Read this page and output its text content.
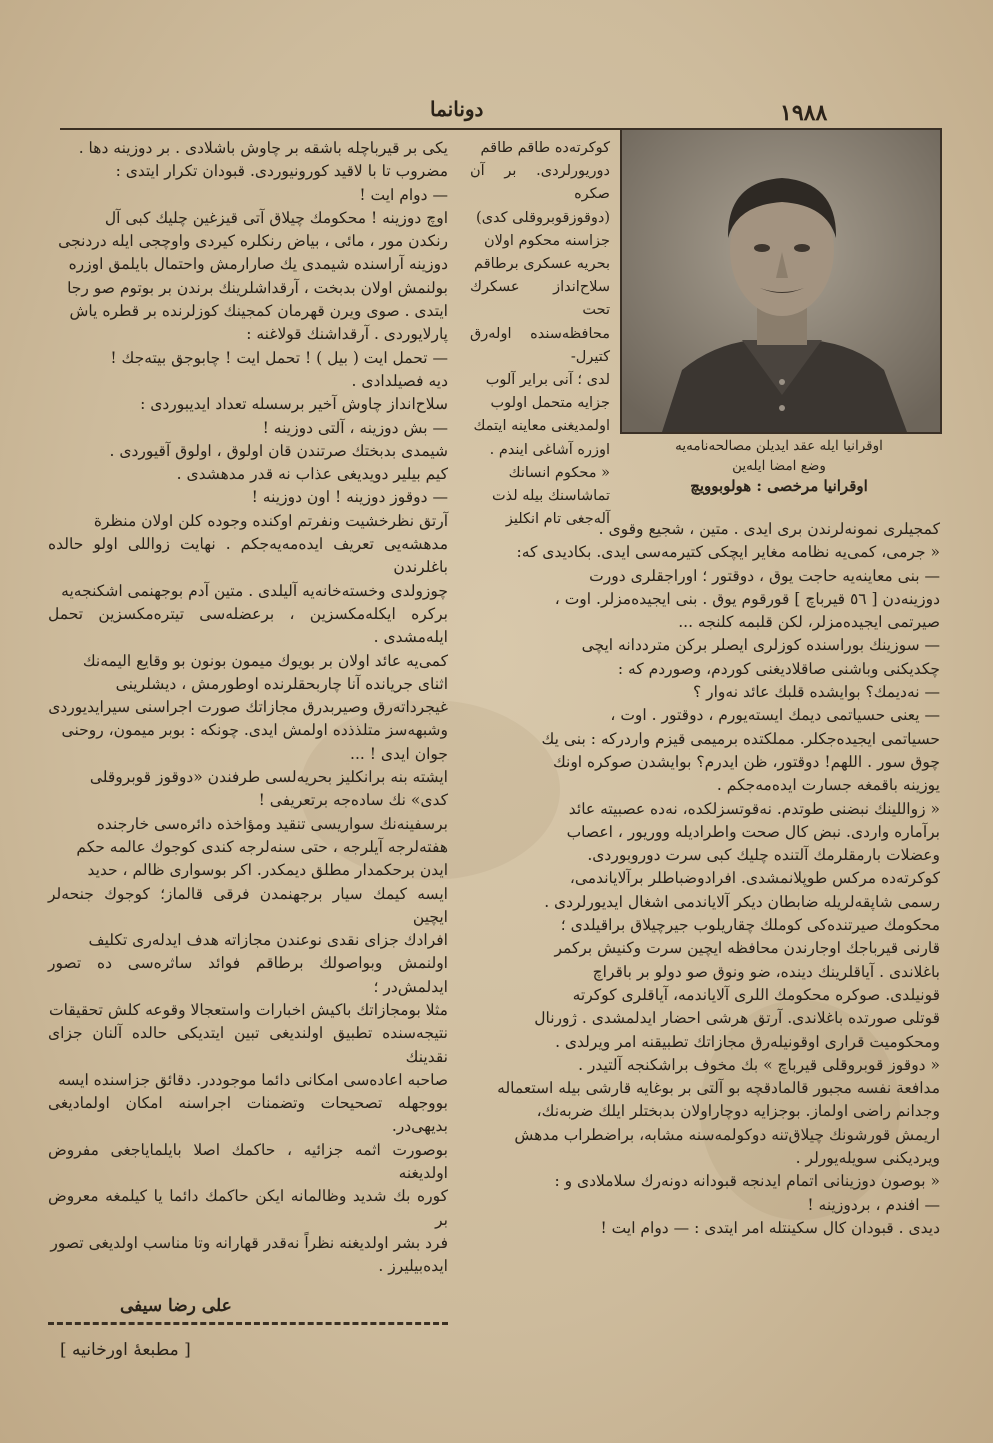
١٩٨٨
دونانما
اوقرانيا ايله عقد ايديلن مصالحه‌نامه‌يه
وضع امضا ايله‌ين
اوقرانيا مرخصى : هولوبوويچ

كوكرته‌ده طاقم طاقم

دوريورلردى. بر آن صكره

(دوقوزقوبروقلى كدى)

جزاسنه محكوم اولان

بحريه عسكرى برطاقم

سلاح‌انداز عسكرك تحت

محافظه‌سنده اولەرق كتيرل-

لدى ؛ آنى براير آلوب

جزايه متحمل اولوب

اولمديغنى معاينه ايتمك

اوزره آشاغى ايندم .

« محكوم انسانك

تماشاسنك بيله لذت

آلەجغى تام انكليز

كمجيلرى نمونه‌لرندن برى ايدى . متين ، شجيع وقوى .

« جرمى، كمى‌يه نظامه مغاير ايچكى كتيرمه‌سى ايدى. بكاديدى كه:

— بنى معاينه‌يه حاجت يوق ، دوقتور ؛ اوراجقلرى دورت

دوزينه‌دن [ ٥٦ قيرباچ ] قورقوم يوق . بنى ايجيده‌مزلر. اوت ،

صيرتمى ايجيده‌مزلر، لكن قلبمه كلنجه ...

— سوزينك بوراسنده كوزلرى ايصلر بركن مترددانه ايچى

چكديكنى وباشنى صاقلاديغنى كوردم، وصوردم كه :

— نه‌ديمك؟ بوايشده قلبك عائد نه‌وار ؟

— يعنى حسياتمى ديمك ايسته‌يورم ، دوقتور . اوت ،

حسياتمى ايجيده‌جكلر. مملكتده برميمى قيزم واردركه : بنى يك

چوق سور . اللهم! دوقتور، ظن ايدرم؟ بوايشدن صوكره اونك

يوزينه باقمغه جسارت ايده‌مه‌جكم .

« زواللينك نبضنى طوتدم. نه‌قوتسزلكده، نه‌ده عصبيته عائد

برآماره واردى. نبض كال صحت واطراديله ووريور ، اعصاب

وعضلات بارمقلرمك آلتنده چليك كبى سرت دوروبوردى.

كوكرته‌ده مركس طوپلانمشدى. افرادوضباطلر برآلاياندمى،

رسمى شاپقه‌لريله ضابطان ديكر آلاياندمى اشغال ايديورلردى .

محكومك صيرتنده‌كى كوملك چقاريلوب جيرچيلاق براقيلدى ؛

قارنى قيرباجك اوجارندن محافظه ايچين سرت وكنيش بركمر

باغلاندى . آياقلرينك دينده، ضو ونوق صو دولو بر باقراچ

قونيلدى. صوكره محكومك اللرى آلاياندمه، آياقلرى كوكرته

قوتلى صورتده باغلاندى. آرتق هرشى احضار ايدلمشدى . ژورنال

ومحكوميت قرارى اوقونيله‌رق مجازاتك تطبيقنه امر ويرلدى .

« دوقوز قوبروقلى قيرباچ » بك مخوف براشكنجه آلتيدر .

مدافعة نفسه مجبور قالمادقچه بو آلتى بر بوغايه قارشى بيله استعماله

وجدانم راضى اولماز. بوجزايه دوچاراولان بدبختلر ايلك ضربه‌نك،

اريمش قورشونك چيلاق‌تنه دوكولمه‌سنه مشابه، براضطراب مدهش

ويرديكنى سويله‌يورلر .

« بوصون دوزينانى اتمام ايدنجه قبودانه دونه‌رك سلاملادى و :

— افندم ، بردوزينه !

ديدى . قبودان كال سكينتله امر ايتدى : — دوام ايت !

يكى بر قيرباچله باشقه بر چاوش باشلادى . بر دوزينه دها .

مضروب تا با لاقيد كورونيوردى. قبودان تكرار ايتدى :

— دوام ايت !

اوچ دوزينه ! محكومك چيلاق آتى قيزغين چليك كبى آل

رنكدن مور ، مائى ، بياض رنكلره كيردى واوچجى ايله دردنجى

دوزينه آراسنده شيمدى يك صارارمش واحتمال بايلمق اوزره

بولنمش اولان بدبخت ، آرقداشلرينك برندن بر بوتوم صو رجا

ايتدى . صوى ويرن قهرمان كمجينك كوزلرنده بر قطره ياش

پارلايوردى . آرقداشنك قولاغنه :

— تحمل ايت ( بيل ) ! تحمل ايت ! چابوجق بيته‌جك !

ديه فصيلدادى .

سلاح‌انداز چاوش آخير برسسله تعداد ايديبوردى :

— بش دوزينه ، آلتى دوزينه !

شيمدى بدبختك صرتندن قان اولوق ، اولوق آقيوردى .

كيم بيلير دويديغى عذاب نه قدر مدهشدى .

— دوقوز دوزينه ! اون دوزينه !

آرتق نظرخشيت ونفرتم اوكنده وجوده كلن اولان منظرة

مدهشه‌يى تعريف ايده‌مه‌يه‌جكم . نهايت زواللى اولو حالده باغلرندن

چوزولدى وخسته‌خانه‌يه آليلدى . متين آدم بوجهنمى اشكنجه‌يه

بركره ايكله‌مكسزين ، برعضله‌سى تيتره‌مكسزين تحمل ايله‌مشدى .

كمى‌يه عائد اولان بر بويوك ميمون بونون بو وقايع اليمه‌نك

اثناى جريانده آنا چاربحقلرنده اوطورمش ، ديشلرينى

غيجرداته‌رق وصيربدرق مجازاتك صورت اجراسنى سيرايديوردى

وشبهه‌سز متلذذده اولمش ايدى. چونكه : بوبر ميمون، روحنى

جوان ايدى ! ...

ايشته بنه برانكليز بحريه‌لسى طرفندن «دوقوز قوبروقلى

كدى» نك سادەجه برتعريفى !

برسفينه‌نك سواريسى تنقيد ومؤاخذه دائره‌سى خارجنده

هفته‌لرجه آيلرجه ، حتى سنه‌لرجه كندى كوجوك عالمه حكم

ايدن برحكمدار مطلق ديمكدر. اكر بوسوارى ظالم ، حديد

ايسه كيمك سيار برجهنمدن فرقى قالماز؛ كوجوك جنحه‌لر ايچين

افرادك جزاى نقدى نوعندن مجازاته هدف ايدلەرى تكليف

اولنمش وبواصولك برطاقم فوائد ساثره‌سى ده تصور ايدلمش‌در ؛

مثلا بومجازاتك باكيش اخبارات واستعجالا وقوعه كلش تحقيقات

نتيجه‌سنده تطبيق اولنديغى تبين ايتديكى حالده آلنان جزاى نقدينك

صاحبه اعاده‌سى امكانى دائما موجوددر. دقائق جزاسنده ايسه

بووجهله تصحيحات وتضمنات اجراسنه امكان اولماديغى بديهى‌در.

بوصورت اثمه جزائيه ، حاكمك اصلا بايلماياجغى مفروض اولديغنه

كوره بك شديد وظالمانه ايكن حاكمك دائما يا كيلمغه معروض بر

فرد بشر اولديغنه نظراً نه‌قدر قهارانه وتا مناسب اولديغى تصور

ايده‌بيليرز .

على رضا سيفى
[ مطبعهٔ اورخانيه ]
